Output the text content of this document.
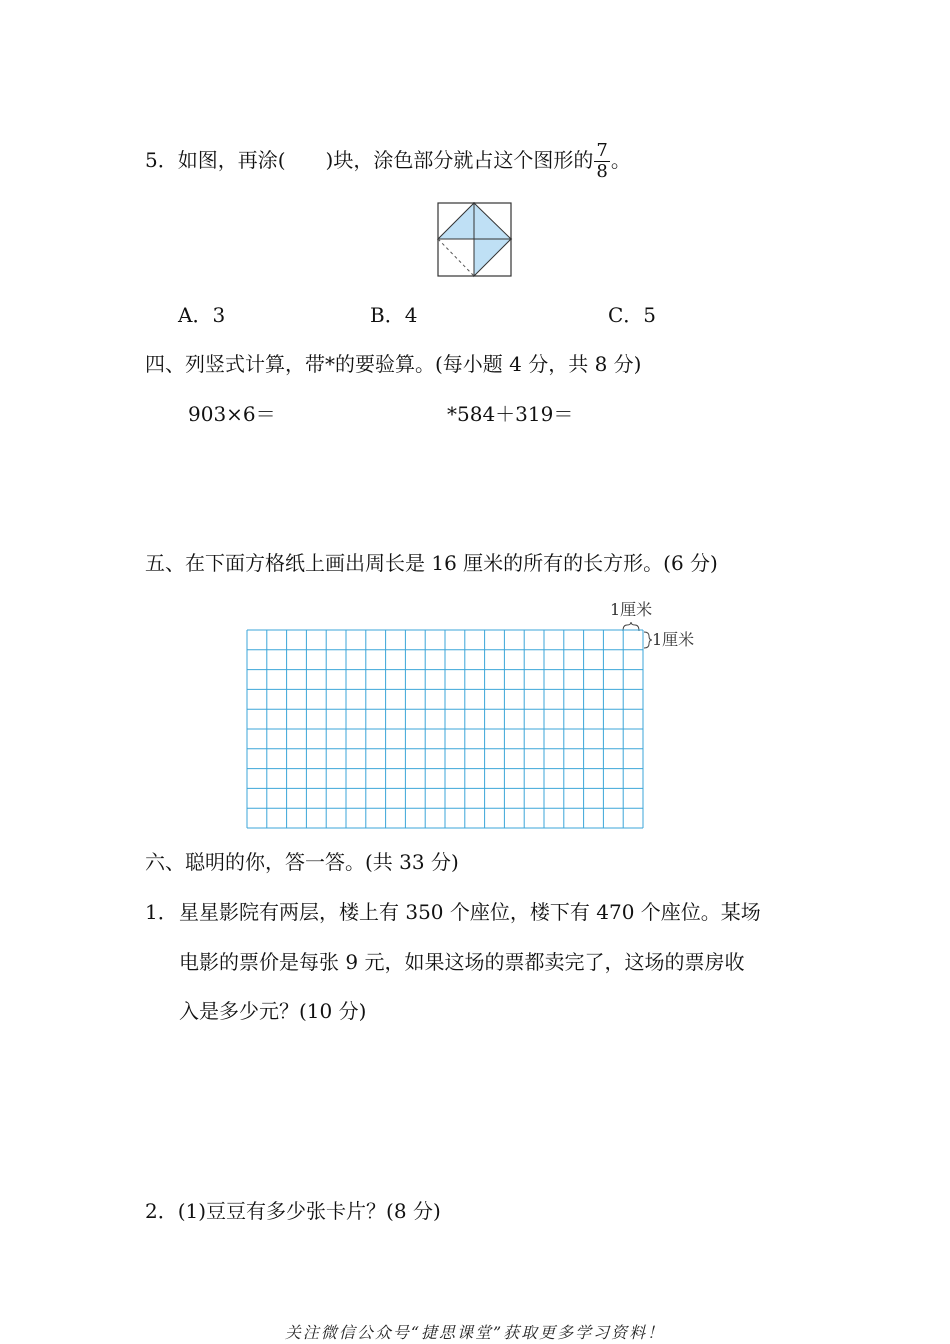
5．如图，再涂( )块，涂色部分就占这个图形的 $\frac{7}{8}$ 。
A．3	B．4	C．5
四、列竖式计算，带*的要验算。(每小题 4 分，共 8 分)
903×6＝	*584＋319＝
五、在下面方格纸上画出周长是 16 厘米的所有的长方形。(6 分)
1厘米
1厘米
六、聪明的你，答一答。(共 33 分)
1． 星星影院有两层，楼上有 350 个座位，楼下有 470 个座位。某场
电影的票价是每张 9 元，如果这场的票都卖完了，这场的票房收
入是多少元？(10 分)
2．(1)豆豆有多少张卡片？(8 分)
关注微信公众号“捷思课堂”获取更多学习资料！
